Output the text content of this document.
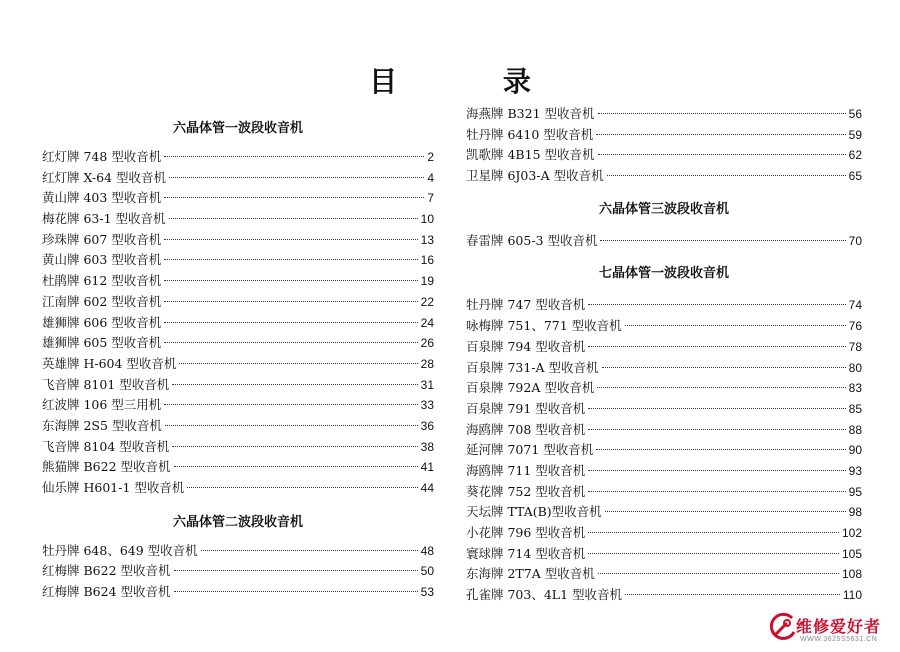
目 录
六晶体管一波段收音机
红灯牌 748 型收音机	2
红灯牌 X-64 型收音机	4
黄山牌 403 型收音机	7
梅花牌 63-1 型收音机	10
珍珠牌 607 型收音机	13
黄山牌 603 型收音机	16
杜鹃牌 612 型收音机	19
江南牌 602 型收音机	22
雄狮牌 606 型收音机	24
雄狮牌 605 型收音机	26
英雄牌 H-604 型收音机	28
飞音牌 8101 型收音机	31
红波牌 106 型三用机	33
东海牌 2S5 型收音机	36
飞音牌 8104 型收音机	38
熊猫牌 B622 型收音机	41
仙乐牌 H601-1 型收音机	44
六晶体管二波段收音机
牡丹牌 648、649 型收音机	48
红梅牌 B622 型收音机	50
红梅牌 B624 型收音机	53
海燕牌 B321 型收音机	56
牡丹牌 6410 型收音机	59
凯歌牌 4B15 型收音机	62
卫星牌 6J03-A 型收音机	65
六晶体管三波段收音机
春雷牌 605-3 型收音机	70
七晶体管一波段收音机
牡丹牌 747 型收音机	74
咏梅牌 751、771 型收音机	76
百泉牌 794 型收音机	78
百泉牌 731-A 型收音机	80
百泉牌 792A 型收音机	83
百泉牌 791 型收音机	85
海鸥牌 708 型收音机	88
延河牌 7071 型收音机	90
海鸥牌 711 型收音机	93
葵花牌 752 型收音机	95
天坛牌 TTA(B)型收音机	98
小花牌 796 型收音机	102
寰球牌 714 型收音机	105
东海牌 2T7A 型收音机	108
孔雀牌 703、4L1 型收音机	110
维修爱好者
WWW.3625S5631.CN
